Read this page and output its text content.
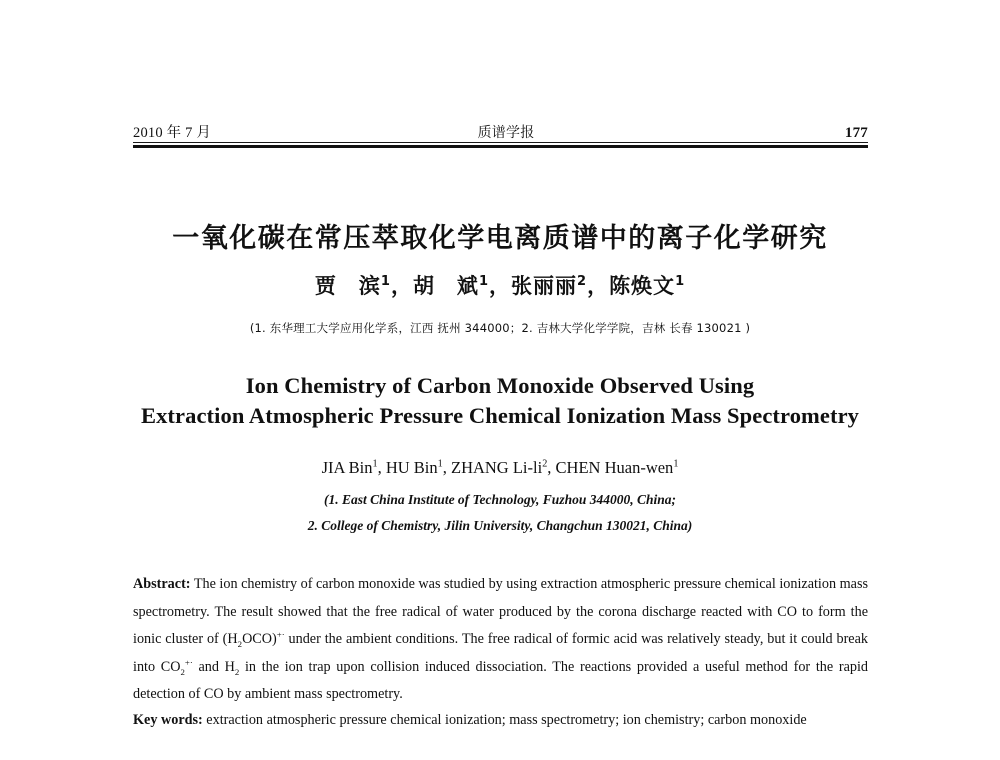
2010 年 7 月	质谱学报	177
一氧化碳在常压萃取化学电离质谱中的离子化学研究
贾　滨$^1$，胡　斌$^1$，张丽丽$^2$，陈焕文$^1$
(1. 东华理工大学应用化学系，江西 抚州 344000；2. 吉林大学化学学院，吉林 长春 130021 )
Ion Chemistry of Carbon Monoxide Observed Using
Extraction Atmospheric Pressure Chemical Ionization Mass Spectrometry
JIA Bin$^1$, HU Bin$^1$, ZHANG $Li-li^2$, CHEN Huan-wen$^1$
(1. East China Institute of Technology, Fuzhou 344000, China;
2. College of Chemistry, Jilin University, Changchun 130021, China)
Abstract: The ion chemistry of carbon monoxide was studied by using extraction atmospheric pressure chemical ionization mass spectrometry. The result showed that the free radical of water produced by the corona discharge reacted with CO to form the ionic cluster of $(H_2OCO)^{+\cdot}$ under the ambient conditions. The free radical of formic acid was relatively steady, but it could break into $CO_2^{+\cdot}$ and $H_2$ in the ion trap upon collision induced dissociation. The reactions provided a useful method for the rapid detection of CO by ambient mass spectrometry.
Key words: extraction atmospheric pressure chemical ionization; mass spectrometry; ion chemistry; carbon monoxide
